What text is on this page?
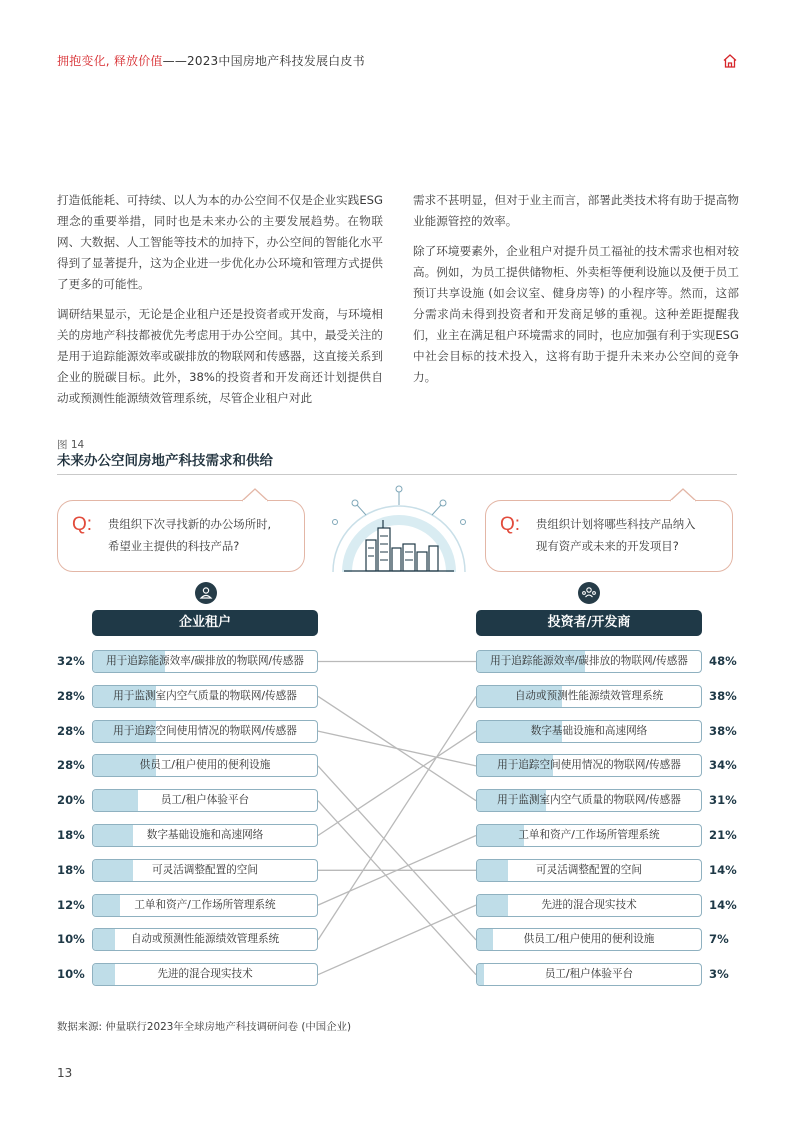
拥抱变化, 释放价值——2023中国房地产科技发展白皮书

打造低能耗、可持续、以人为本的办公空间不仅是企业实践ESG理念的重要举措，同时也是未来办公的主要发展趋势。在物联网、大数据、人工智能等技术的加持下，办公空间的智能化水平得到了显著提升，这为企业进一步优化办公环境和管理方式提供了更多的可能性。

调研结果显示，无论是企业租户还是投资者或开发商，与环境相关的房地产科技都被优先考虑用于办公空间。其中，最受关注的是用于追踪能源效率或碳排放的物联网和传感器，这直接关系到企业的脱碳目标。此外，38%的投资者和开发商还计划提供自动或预测性能源绩效管理系统，尽管企业租户对此

需求不甚明显，但对于业主而言，部署此类技术将有助于提高物业能源管控的效率。

除了环境要素外，企业租户对提升员工福祉的技术需求也相对较高。例如，为员工提供储物柜、外卖柜等便利设施以及便于员工预订共享设施 (如会议室、健身房等) 的小程序等。然而，这部分需求尚未得到投资者和开发商足够的重视。这种差距提醒我们，业主在满足租户环境需求的同时，也应加强有利于实现ESG中社会目标的技术投入，这将有助于提升未来办公空间的竞争力。

图 14
未来办公空间房地产科技需求和供给
Q: 贵组织下次寻找新的办公场所时,
希望业主提供的科技产品?
Q: 贵组织计划将哪些科技产品纳入
现有资产或未来的开发项目?
企业租户	投资者/开发商
用于追踪能源效率/碳排放的物联网/传感器
32%
用于监测室内空气质量的物联网/传感器
28%
用于追踪空间使用情况的物联网/传感器
28%
供员工/租户使用的便利设施
28%
员工/租户体验平台
20%
数字基础设施和高速网络
18%
可灵活调整配置的空间
18%
工单和资产/工作场所管理系统
12%
自动或预测性能源绩效管理系统
10%
先进的混合现实技术
10%
用于追踪能源效率/碳排放的物联网/传感器	48%
自动或预测性能源绩效管理系统	38%
数字基础设施和高速网络	38%
用于追踪空间使用情况的物联网/传感器	34%
用于监测室内空气质量的物联网/传感器	31%
工单和资产/工作场所管理系统	21%
可灵活调整配置的空间	14%
先进的混合现实技术	14%
供员工/租户使用的便利设施	7%
员工/租户体验平台	3%
数据来源: 仲量联行2023年全球房地产科技调研问卷 (中国企业)
13
